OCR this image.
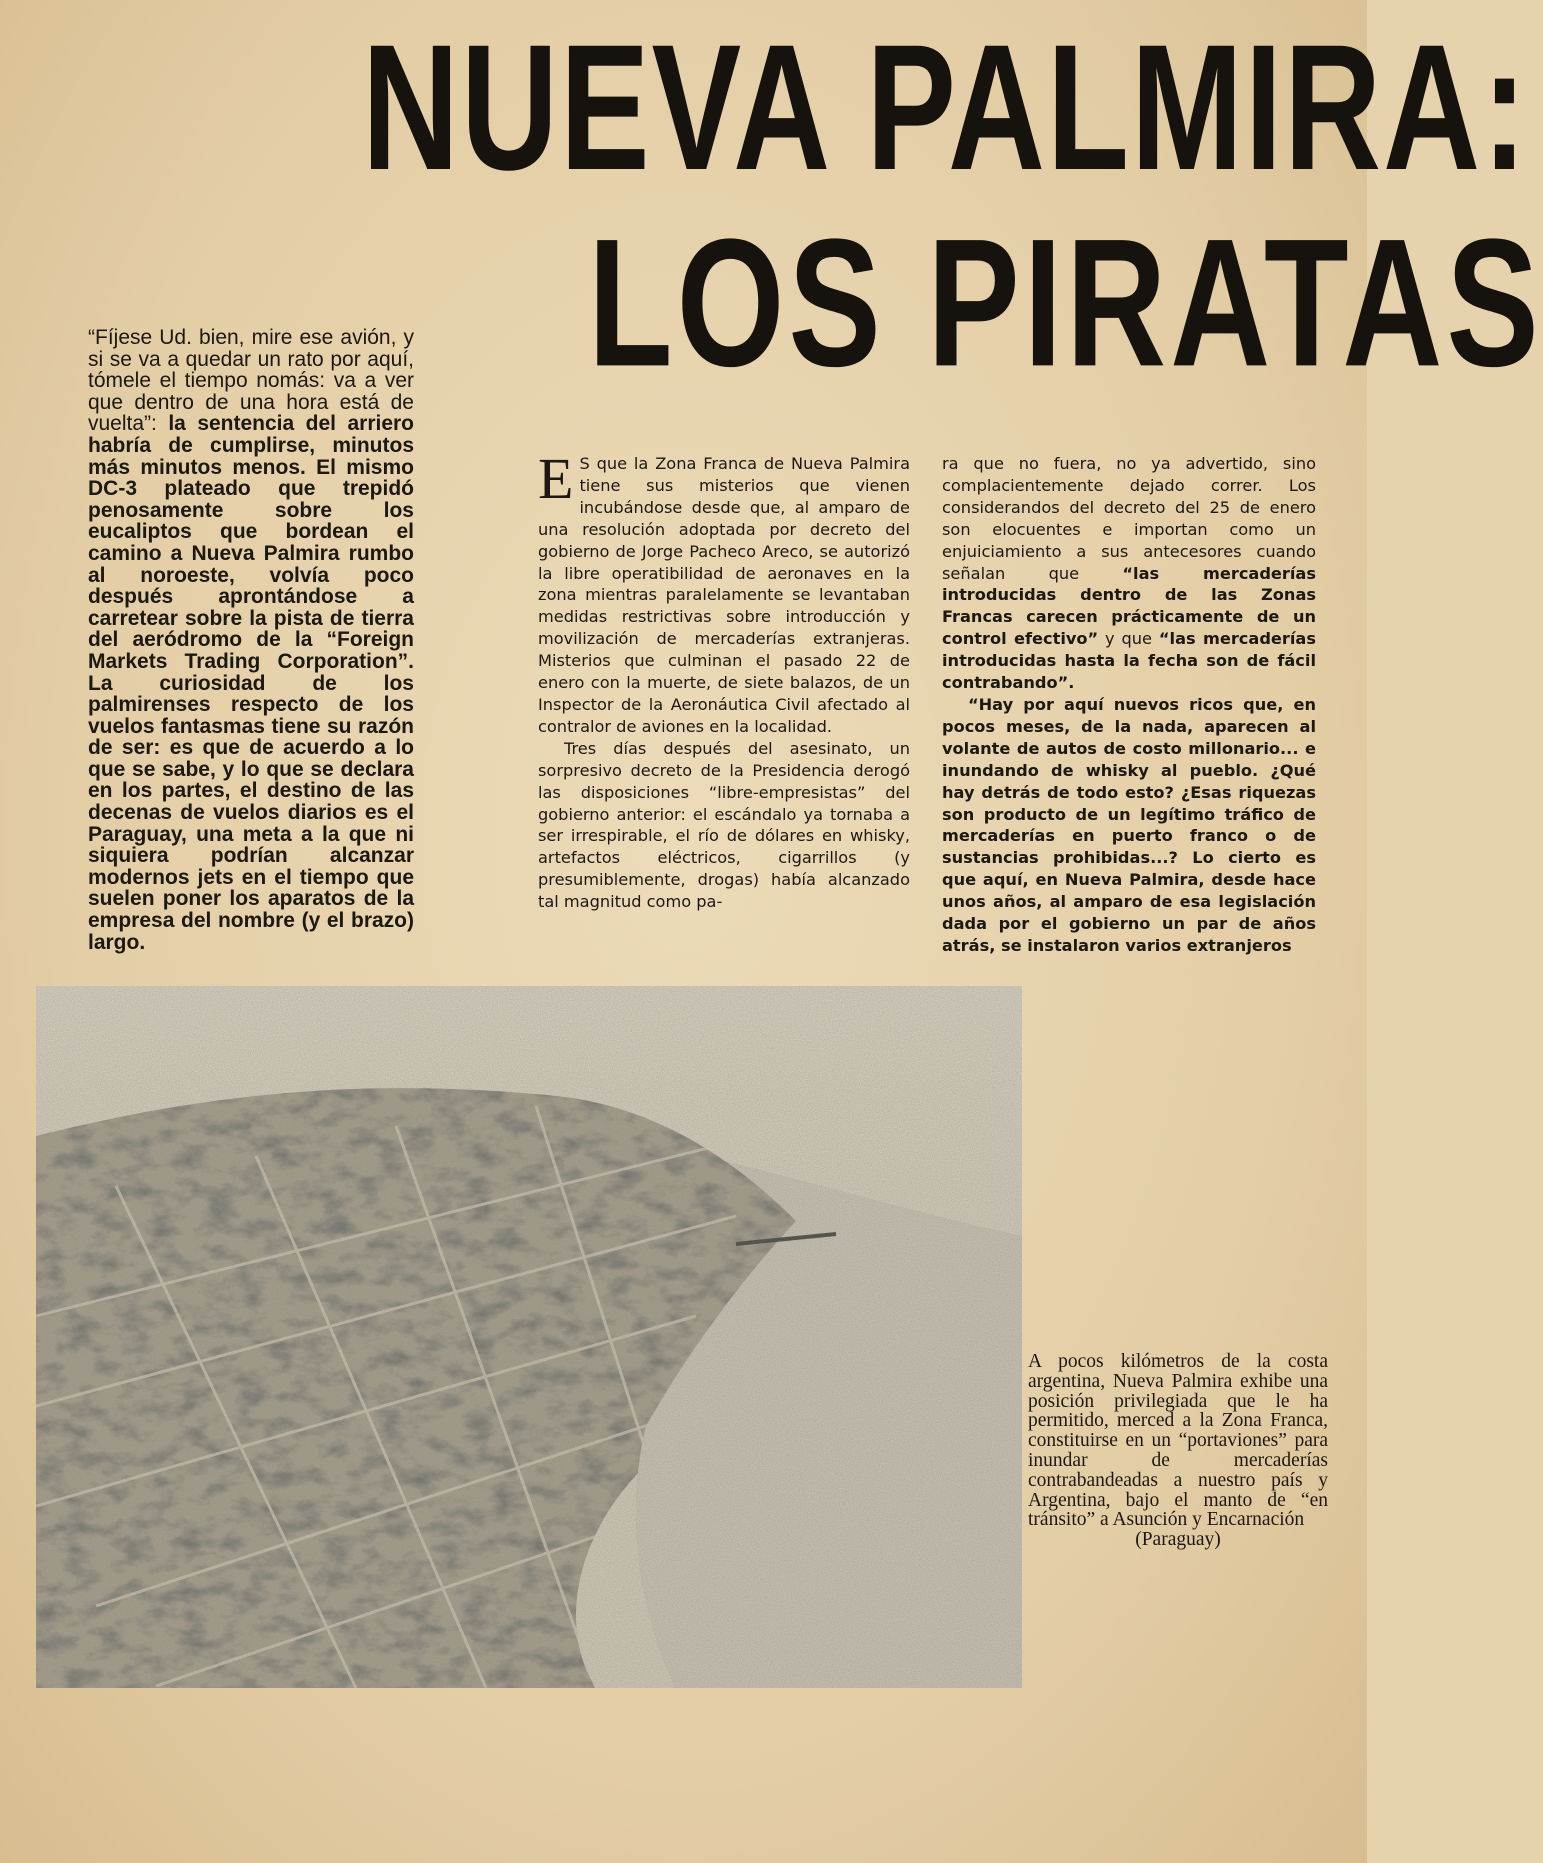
NUEVA PALMIRA:
LOS PIRATAS

“Fíjese Ud. bien, mire ese avión, y si se va a quedar un rato por aquí, tómele el tiempo nomás: va a ver que dentro de una hora está de vuelta”: la sentencia del arriero habría de cumplirse, minutos más minutos menos. El mismo DC-3 plateado que trepidó penosamente sobre los eucaliptos que bordean el camino a Nueva Palmira rumbo al noroeste, volvía poco después aprontándose a carretear sobre la pista de tierra del aeródromo de la “Foreign Markets Trading Corporation”. La curiosidad de los palmirenses respecto de los vuelos fantasmas tiene su razón de ser: es que de acuerdo a lo que se sabe, y lo que se declara en los partes, el destino de las decenas de vuelos diarios es el Paraguay, una meta a la que ni siquiera podrían alcanzar modernos jets en el tiempo que suelen poner los aparatos de la empresa del nombre (y el brazo) largo.

E S que la Zona Franca de Nueva Palmira tiene sus misterios que vienen incubándose desde que, al amparo de una resolución adoptada por decreto del gobierno de Jorge Pacheco Areco, se autorizó la libre operatibilidad de aeronaves en la zona mientras paralelamente se levantaban medidas restrictivas sobre introducción y movilización de mercaderías extranjeras. Misterios que culminan el pasado 22 de enero con la muerte, de siete balazos, de un Inspector de la Aeronáutica Civil afectado al contralor de aviones en la localidad.

Tres días después del asesinato, un sorpresivo decreto de la Presidencia derogó las disposiciones “libre-empresistas” del gobierno anterior: el escándalo ya tornaba a ser irrespirable, el río de dólares en whisky, artefactos eléctricos, cigarrillos (y presumiblemente, drogas) había alcanzado tal magnitud como pa-

ra que no fuera, no ya advertido, sino complacientemente dejado correr. Los considerandos del decreto del 25 de enero son elocuentes e importan como un enjuiciamiento a sus antecesores cuando señalan que “las mercaderías introducidas dentro de las Zonas Francas carecen prácticamente de un control efectivo” y que “las mercaderías introducidas hasta la fecha son de fácil contrabando”.

“Hay por aquí nuevos ricos que, en pocos meses, de la nada, aparecen al volante de autos de costo millonario... e inundando de whisky al pueblo. ¿Qué hay detrás de todo esto? ¿Esas riquezas son producto de un legítimo tráfico de mercaderías en puerto franco o de sustancias prohibidas...? Lo cierto es que aquí, en Nueva Palmira, desde hace unos años, al amparo de esa legislación dada por el gobierno un par de años atrás, se instalaron varios extranjeros

A pocos kilómetros de la costa argentina, Nueva Palmira exhibe una posición privilegiada que le ha permitido, merced a la Zona Franca, constituirse en un “portaviones” para inundar de mercaderías contrabandeadas a nuestro país y Argentina, bajo el manto de “en tránsito” a Asunción y Encarnación
(Paraguay)
